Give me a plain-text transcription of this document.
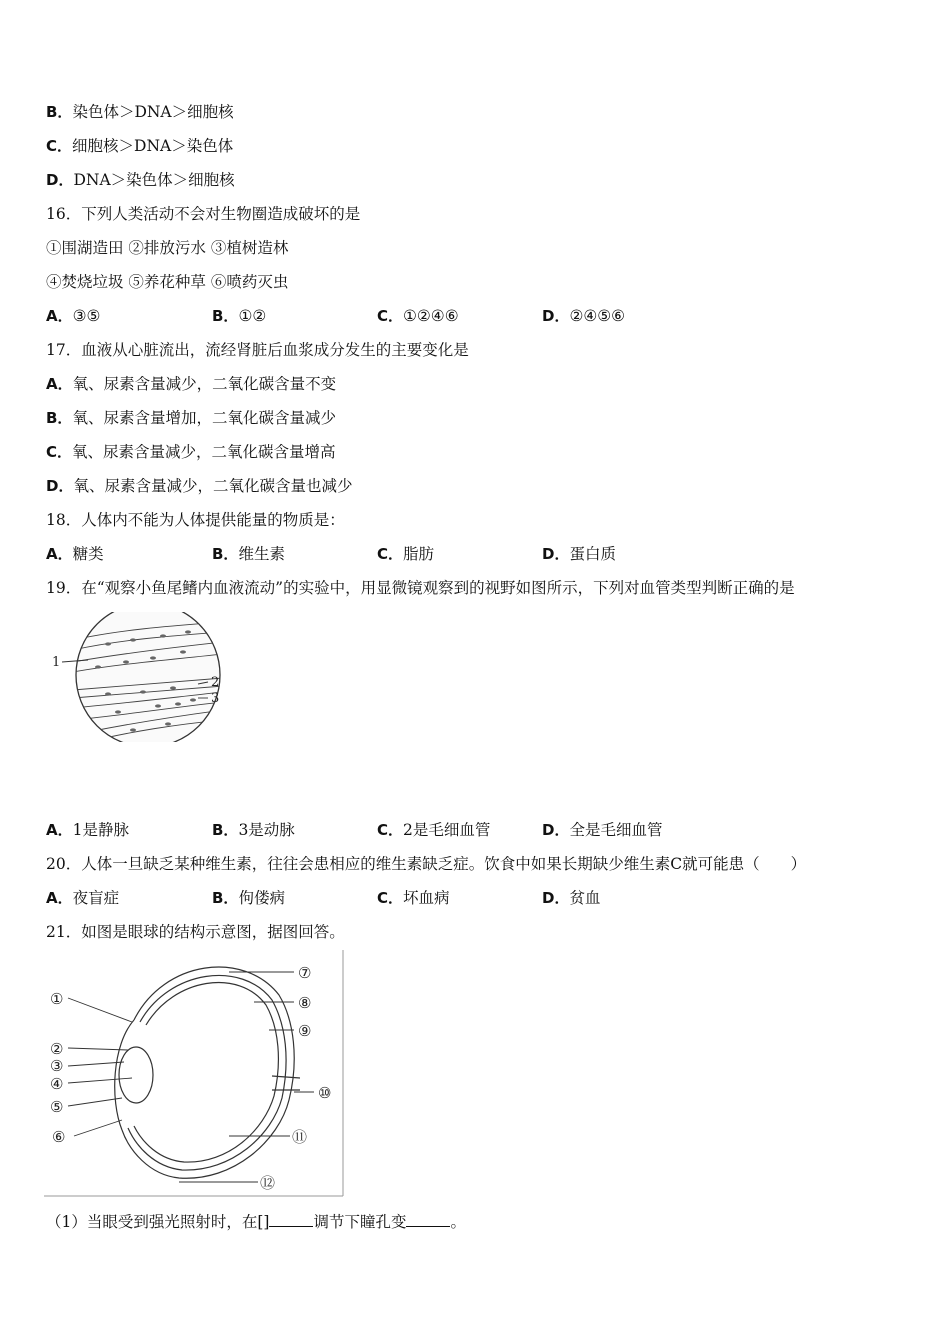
B．染色体＞DNA＞细胞核
C．细胞核＞DNA＞染色体
D．DNA＞染色体＞细胞核
16．下列人类活动不会对生物圈造成破坏的是
①围湖造田 ②排放污水 ③植树造林
④焚烧垃圾 ⑤养花种草 ⑥喷药灭虫
A．③⑤	B．①②	C．①②④⑥	D．②④⑤⑥
17．血液从心脏流出，流经肾脏后血浆成分发生的主要变化是
A．氧、尿素含量减少，二氧化碳含量不变
B．氧、尿素含量增加，二氧化碳含量减少
C．氧、尿素含量减少，二氧化碳含量增高
D．氧、尿素含量减少，二氧化碳含量也减少
18．人体内不能为人体提供能量的物质是：
A．糖类	B．维生素	C．脂肪	D．蛋白质
19．在“观察小鱼尾鳍内血液流动”的实验中，用显微镜观察到的视野如图所示，下列对血管类型判断正确的是
1
2
3
A．1是静脉	B．3是动脉	C．2是毛细血管	D．全是毛细血管
20．人体一旦缺乏某种维生素，往往会患相应的维生素缺乏症。饮食中如果长期缺少维生素C就可能患（　　）
A．夜盲症	B．佝偻病	C．坏血病	D．贫血
21．如图是眼球的结构示意图，据图回答。
①
②
③
④
⑤
⑥
⑦
⑧
⑨
⑩
⑪
⑫
（1）当眼受到强光照射时，在[]	调节下瞳孔变	。
